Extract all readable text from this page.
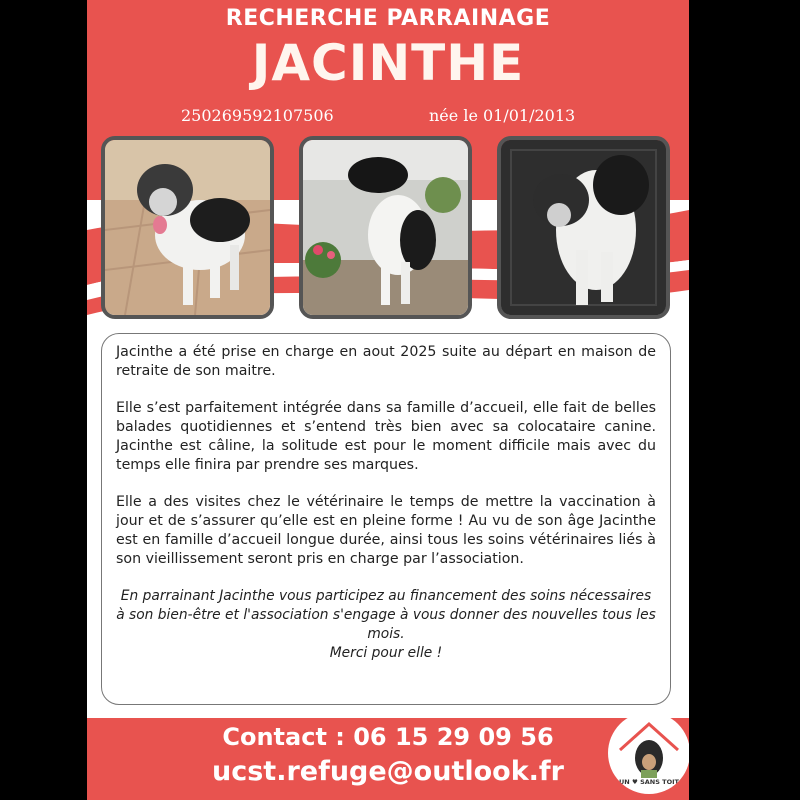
RECHERCHE PARRAINAGE
JACINTHE
250269592107506	née le 01/01/2013

Jacinthe a été prise en charge en aout 2025 suite au départ en maison de retraite de son maitre.

Elle s’est parfaitement intégrée dans sa famille d’accueil, elle fait de belles balades quotidiennes et s’entend très bien avec sa colocataire canine. Jacinthe est câline, la solitude est pour le moment difficile mais avec du temps elle finira par prendre ses marques.

Elle a des visites chez le vétérinaire le temps de mettre la vaccination à jour et de s’assurer qu’elle est en pleine forme ! Au vu de son âge Jacinthe est en famille d’accueil longue durée, ainsi tous les soins vétérinaires liés à son vieillissement seront pris en charge par l’association.

En parrainant Jacinthe vous participez au financement des soins nécessaires à son bien-être et l'association s'engage à vous donner des nouvelles tous les mois.

Merci pour elle !

Contact : 06 15 29 09 56
ucst.refuge@outlook.fr	UN ♥ SANS TOIT
